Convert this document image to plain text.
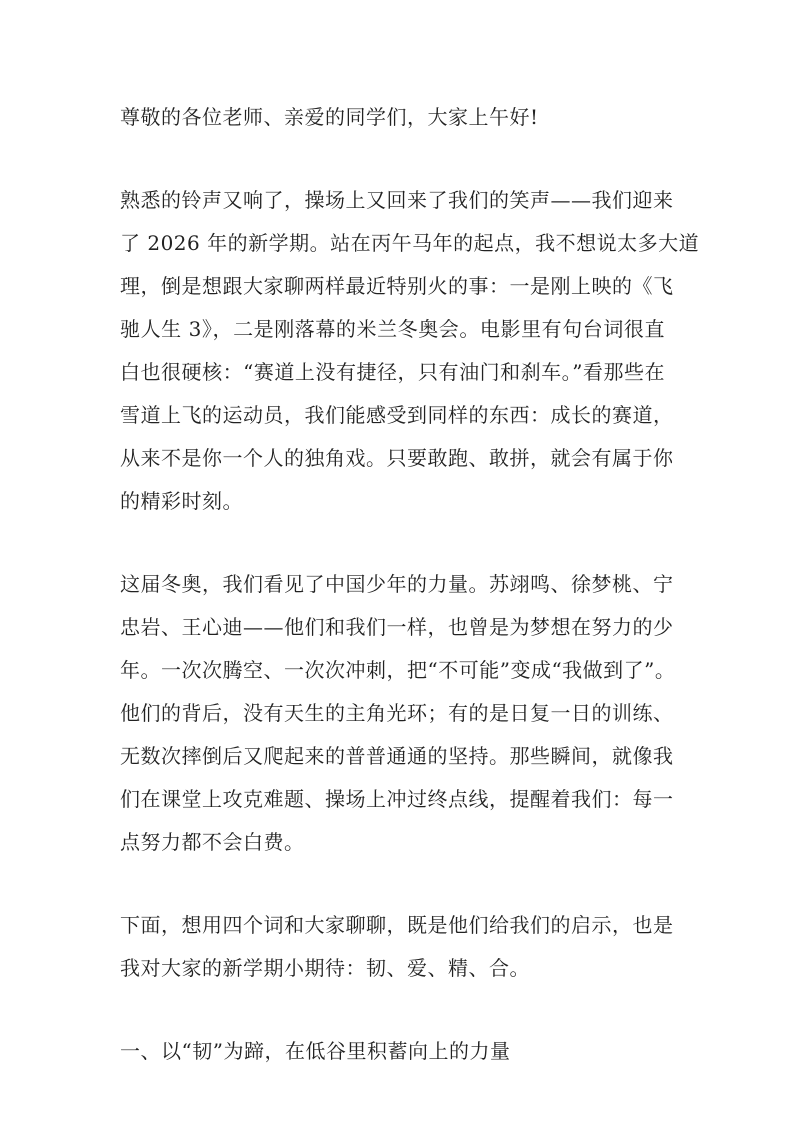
尊敬的各位老师、亲爱的同学们，大家上午好!
熟悉的铃声又响了，操场上又回来了我们的笑声——我们迎来
了 2026 年的新学期。站在丙午马年的起点，我不想说太多大道
理，倒是想跟大家聊两样最近特别火的事：一是刚上映的《飞
驰人生 3》，二是刚落幕的米兰冬奥会。电影里有句台词很直
白也很硬核：“赛道上没有捷径，只有油门和刹车。”看那些在
雪道上飞的运动员，我们能感受到同样的东西：成长的赛道，
从来不是你一个人的独角戏。只要敢跑、敢拼，就会有属于你
的精彩时刻。
这届冬奥，我们看见了中国少年的力量。苏翊鸣、徐梦桃、宁
忠岩、王心迪——他们和我们一样，也曾是为梦想在努力的少
年。一次次腾空、一次次冲刺，把“不可能”变成“我做到了”。
他们的背后，没有天生的主角光环；有的是日复一日的训练、
无数次摔倒后又爬起来的普普通通的坚持。那些瞬间，就像我
们在课堂上攻克难题、操场上冲过终点线，提醒着我们：每一
点努力都不会白费。
下面，想用四个词和大家聊聊，既是他们给我们的启示，也是
我对大家的新学期小期待：韧、爱、精、合。
一、以“韧”为蹄，在低谷里积蓄向上的力量
